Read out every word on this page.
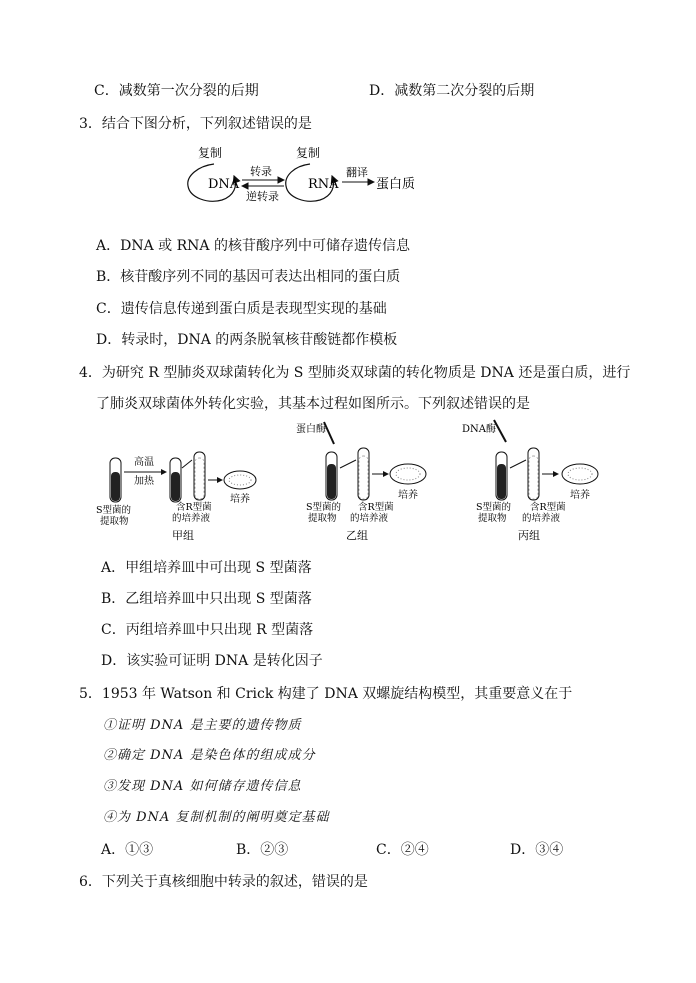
C．减数第一次分裂的后期	D．减数第二次分裂的后期
3．结合下图分析，下列叙述错误的是
复制
DNA
转录
逆转录
复制
RNA
翻译
蛋白质
A．DNA 或 RNA 的核苷酸序列中可储存遗传信息
B．核苷酸序列不同的基因可表达出相同的蛋白质
C．遗传信息传递到蛋白质是表现型实现的基础
D．转录时，DNA 的两条脱氧核苷酸链都作模板
4．为研究 R 型肺炎双球菌转化为 S 型肺炎双球菌的转化物质是 DNA 还是蛋白质，进行
了肺炎双球菌体外转化实验，其基本过程如图所示。下列叙述错误的是
高温
加热
培养
S型菌的
提取物
含R型菌
的培养液
甲组
蛋白酶
培养
S型菌的
提取物
含R型菌
的培养液
乙组
DNA酶
培养
S型菌的
提取物
含R型菌
的培养液
丙组
A．甲组培养皿中可出现 S 型菌落
B．乙组培养皿中只出现 S 型菌落
C．丙组培养皿中只出现 R 型菌落
D．该实验可证明 DNA 是转化因子
5．1953 年 Watson 和 Crick 构建了 DNA 双螺旋结构模型，其重要意义在于
①证明 DNA 是主要的遗传物质
②确定 DNA 是染色体的组成成分
③发现 DNA 如何储存遗传信息
④为 DNA 复制机制的阐明奠定基础
A．①③	B．②③	C．②④	D．③④
6．下列关于真核细胞中转录的叙述，错误的是
